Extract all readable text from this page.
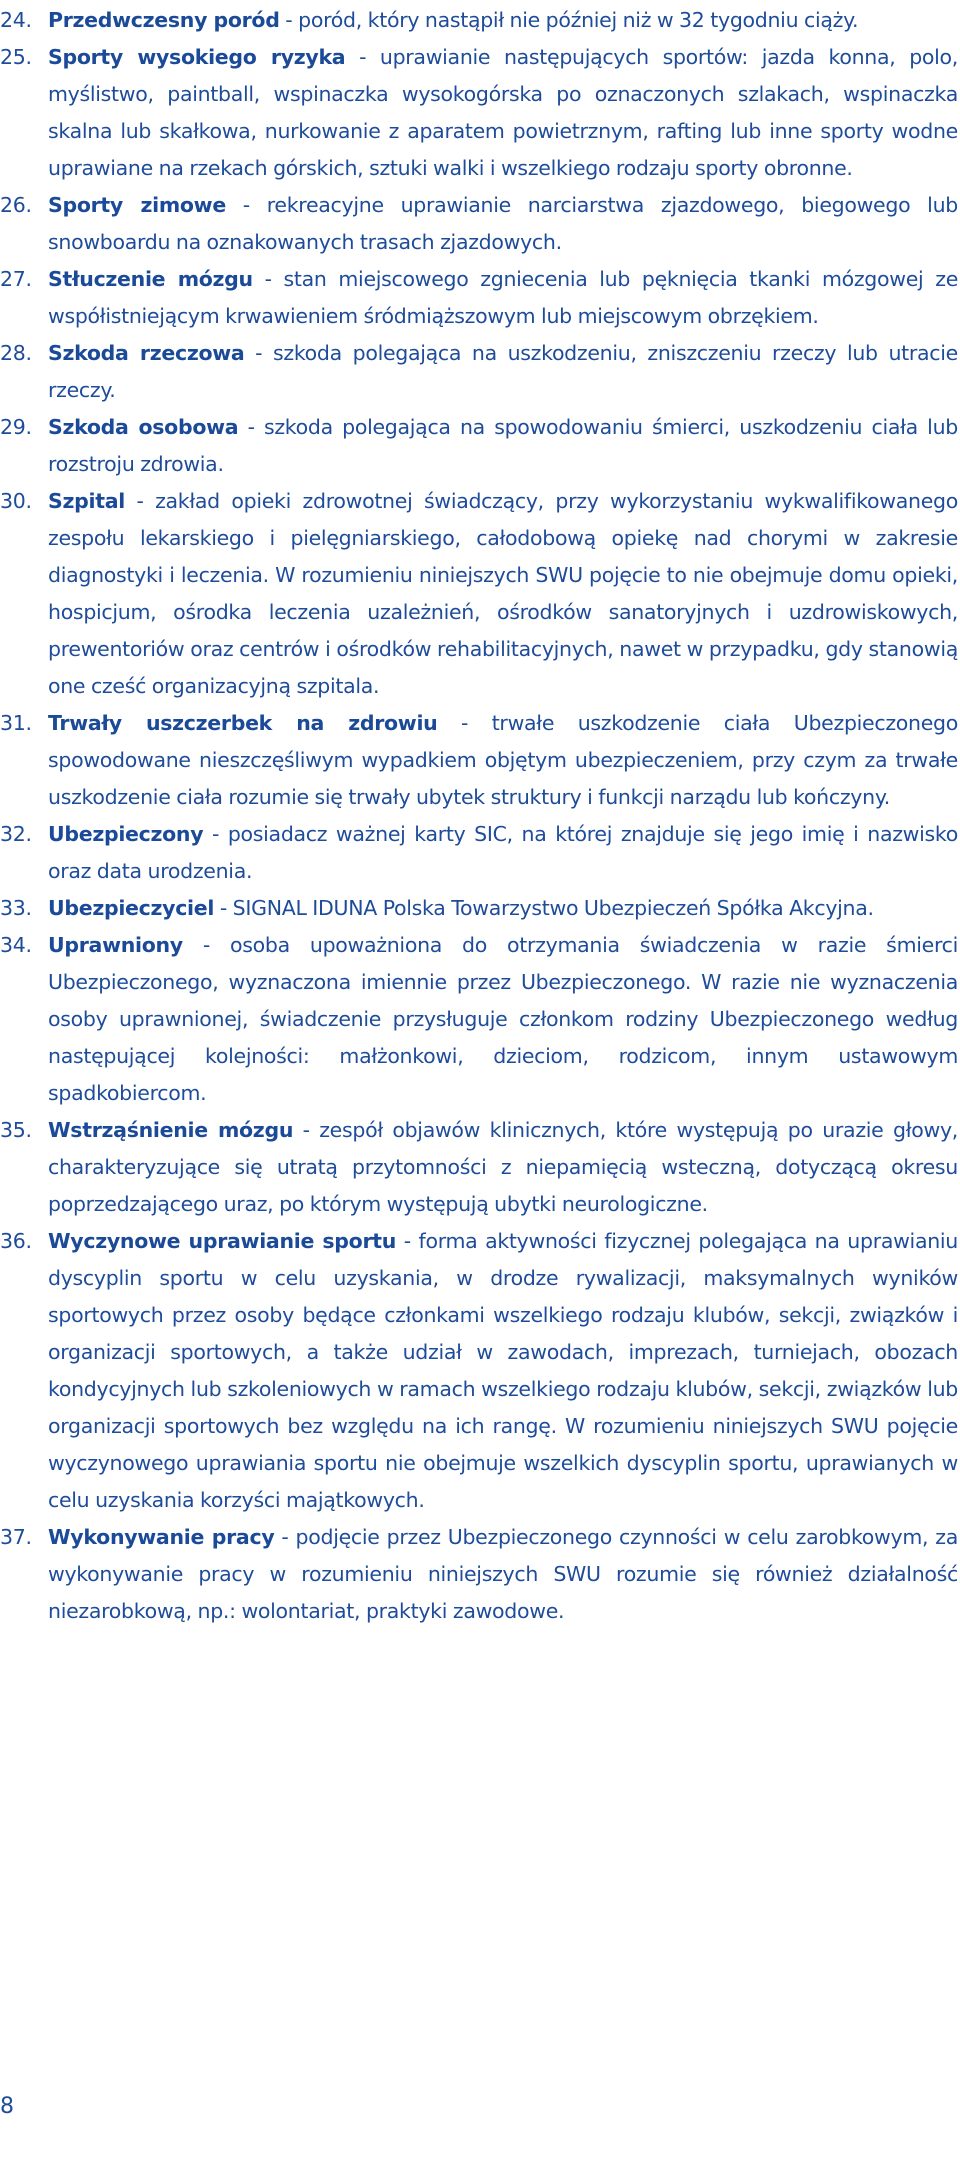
24. Przedwczesny poród - poród, który nastąpił nie później niż w 32 tygodniu ciąży.

25. Sporty wysokiego ryzyka - uprawianie następujących sportów: jazda konna, polo, myślistwo, paintball, wspinaczka wysokogórska po oznaczonych szlakach, wspinaczka skalna lub skałkowa, nurkowanie z aparatem powietrznym, rafting lub inne sporty wodne uprawiane na rzekach górskich, sztuki walki i wszelkiego rodzaju sporty obronne.

26. Sporty zimowe - rekreacyjne uprawianie narciarstwa zjazdowego, biegowego lub snowboardu na oznakowanych trasach zjazdowych.

27. Stłuczenie mózgu - stan miejscowego zgniecenia lub pęknięcia tkanki mózgowej ze współistniejącym krwawieniem śródmiąższowym lub miejscowym obrzękiem.

28. Szkoda rzeczowa - szkoda polegająca na uszkodzeniu, zniszczeniu rzeczy lub utracie rzeczy.

29. Szkoda osobowa - szkoda polegająca na spowodowaniu śmierci, uszkodzeniu ciała lub rozstroju zdrowia.

30. Szpital - zakład opieki zdrowotnej świadczący, przy wykorzystaniu wykwalifikowanego zespołu lekarskiego i pielęgniarskiego, całodobową opiekę nad chorymi w zakresie diagnostyki i leczenia. W rozumieniu niniejszych SWU pojęcie to nie obejmuje domu opieki, hospicjum, ośrodka leczenia uzależnień, ośrodków sanatoryjnych i uzdrowiskowych, prewentoriów oraz centrów i ośrodków rehabilitacyjnych, nawet w przypadku, gdy stanowią one cześć organizacyjną szpitala.

31. Trwały uszczerbek na zdrowiu - trwałe uszkodzenie ciała Ubezpieczonego spowodowane nieszczęśliwym wypadkiem objętym ubezpieczeniem, przy czym za trwałe uszkodzenie ciała rozumie się trwały ubytek struktury i funkcji narządu lub kończyny.

32. Ubezpieczony - posiadacz ważnej karty SIC, na której znajduje się jego imię i nazwisko oraz data urodzenia.

33. Ubezpieczyciel - SIGNAL IDUNA Polska Towarzystwo Ubezpieczeń Spółka Akcyjna.

34. Uprawniony - osoba upoważniona do otrzymania świadczenia w razie śmierci Ubezpieczonego, wyznaczona imiennie przez Ubezpieczonego. W razie nie wyznaczenia osoby uprawnionej, świadczenie przysługuje członkom rodziny Ubezpieczonego według następującej kolejności: małżonkowi, dzieciom, rodzicom, innym ustawowym spadkobiercom.

35. Wstrząśnienie mózgu - zespół objawów klinicznych, które występują po urazie głowy, charakteryzujące się utratą przytomności z niepamięcią wsteczną, dotyczącą okresu poprzedzającego uraz, po którym występują ubytki neurologiczne.

36. Wyczynowe uprawianie sportu - forma aktywności fizycznej polegająca na uprawianiu dyscyplin sportu w celu uzyskania, w drodze rywalizacji, maksymalnych wyników sportowych przez osoby będące członkami wszelkiego rodzaju klubów, sekcji, związków i organizacji sportowych, a także udział w zawodach, imprezach, turniejach, obozach kondycyjnych lub szkoleniowych w ramach wszelkiego rodzaju klubów, sekcji, związków lub organizacji sportowych bez względu na ich rangę. W rozumieniu niniejszych SWU pojęcie wyczynowego uprawiania sportu nie obejmuje wszelkich dyscyplin sportu, uprawianych w celu uzyskania korzyści majątkowych.

37. Wykonywanie pracy - podjęcie przez Ubezpieczonego czynności w celu zarobkowym, za wykonywanie pracy w rozumieniu niniejszych SWU rozumie się również działalność niezarobkową, np.: wolontariat, praktyki zawodowe.

8
